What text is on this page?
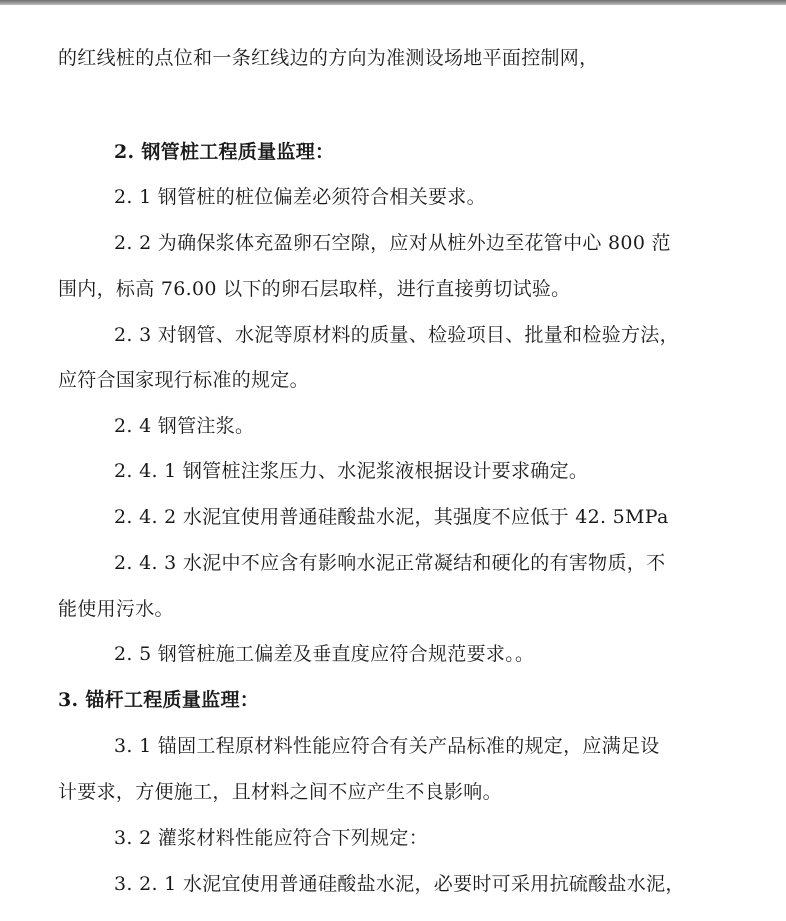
的红线桩的点位和一条红线边的方向为准测设场地平面控制网，
2. 钢管桩工程质量监理：
2. 1 钢管桩的桩位偏差必须符合相关要求。
2. 2 为确保浆体充盈卵石空隙，应对从桩外边至花管中心 800 范
围内，标高 76.00 以下的卵石层取样，进行直接剪切试验。
2. 3 对钢管、水泥等原材料的质量、检验项目、批量和检验方法，
应符合国家现行标准的规定。
2. 4 钢管注浆。
2. 4. 1 钢管桩注浆压力、水泥浆液根据设计要求确定。
2. 4. 2 水泥宜使用普通硅酸盐水泥，其强度不应低于 42. 5MPa
2. 4. 3 水泥中不应含有影响水泥正常凝结和硬化的有害物质，不
能使用污水。
2. 5 钢管桩施工偏差及垂直度应符合规范要求。。
3. 锚杆工程质量监理：
3. 1 锚固工程原材料性能应符合有关产品标准的规定，应满足设
计要求，方便施工，且材料之间不应产生不良影响。
3. 2 灌浆材料性能应符合下列规定：
3. 2. 1 水泥宜使用普通硅酸盐水泥，必要时可采用抗硫酸盐水泥，
